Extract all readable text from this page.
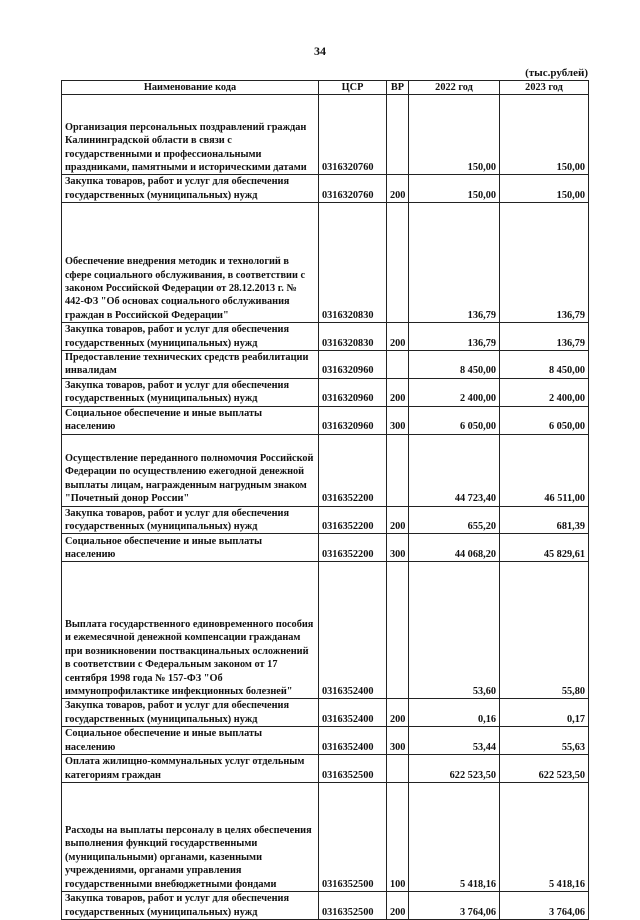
34
(тыс.рублей)
Наименование кода	ЦСР	ВР	2022 год	2023 год
Организация персональных поздравлений граждан Калининградской области в связи с государственными и профессиональными праздниками, памятными и историческими датами	0316320760		150,00	150,00
Закупка товаров, работ и услуг для обеспечения государственных (муниципальных) нужд	0316320760	200	150,00	150,00
Обеспечение внедрения методик и технологий в сфере социального обслуживания, в соответствии с законом Российской Федерации от 28.12.2013 г. № 442-ФЗ "Об основах социального обслуживания граждан в Российской Федерации"	0316320830		136,79	136,79
Закупка товаров, работ и услуг для обеспечения государственных (муниципальных) нужд	0316320830	200	136,79	136,79
Предоставление технических средств реабилитации инвалидам	0316320960		8 450,00	8 450,00
Закупка товаров, работ и услуг для обеспечения государственных (муниципальных) нужд	0316320960	200	2 400,00	2 400,00
Социальное обеспечение и иные выплаты населению	0316320960	300	6 050,00	6 050,00
Осуществление переданного полномочия Российской Федерации по осуществлению ежегодной денежной выплаты лицам, награжденным нагрудным знаком "Почетный донор России"	0316352200		44 723,40	46 511,00
Закупка товаров, работ и услуг для обеспечения государственных (муниципальных) нужд	0316352200	200	655,20	681,39
Социальное обеспечение и иные выплаты населению	0316352200	300	44 068,20	45 829,61
Выплата государственного единовременного пособия и ежемесячной денежной компенсации гражданам при возникновении поствакцинальных осложнений в соответствии с Федеральным законом от 17 сентября 1998 года № 157-ФЗ "Об иммунопрофилактике инфекционных болезней"	0316352400		53,60	55,80
Закупка товаров, работ и услуг для обеспечения государственных (муниципальных) нужд	0316352400	200	0,16	0,17
Социальное обеспечение и иные выплаты населению	0316352400	300	53,44	55,63
Оплата жилищно-коммунальных услуг отдельным категориям граждан	0316352500		622 523,50	622 523,50
Расходы на выплаты персоналу в целях обеспечения выполнения функций государственными (муниципальными) органами, казенными учреждениями, органами управления государственными внебюджетными фондами	0316352500	100	5 418,16	5 418,16
Закупка товаров, работ и услуг для обеспечения государственных (муниципальных) нужд	0316352500	200	3 764,06	3 764,06
